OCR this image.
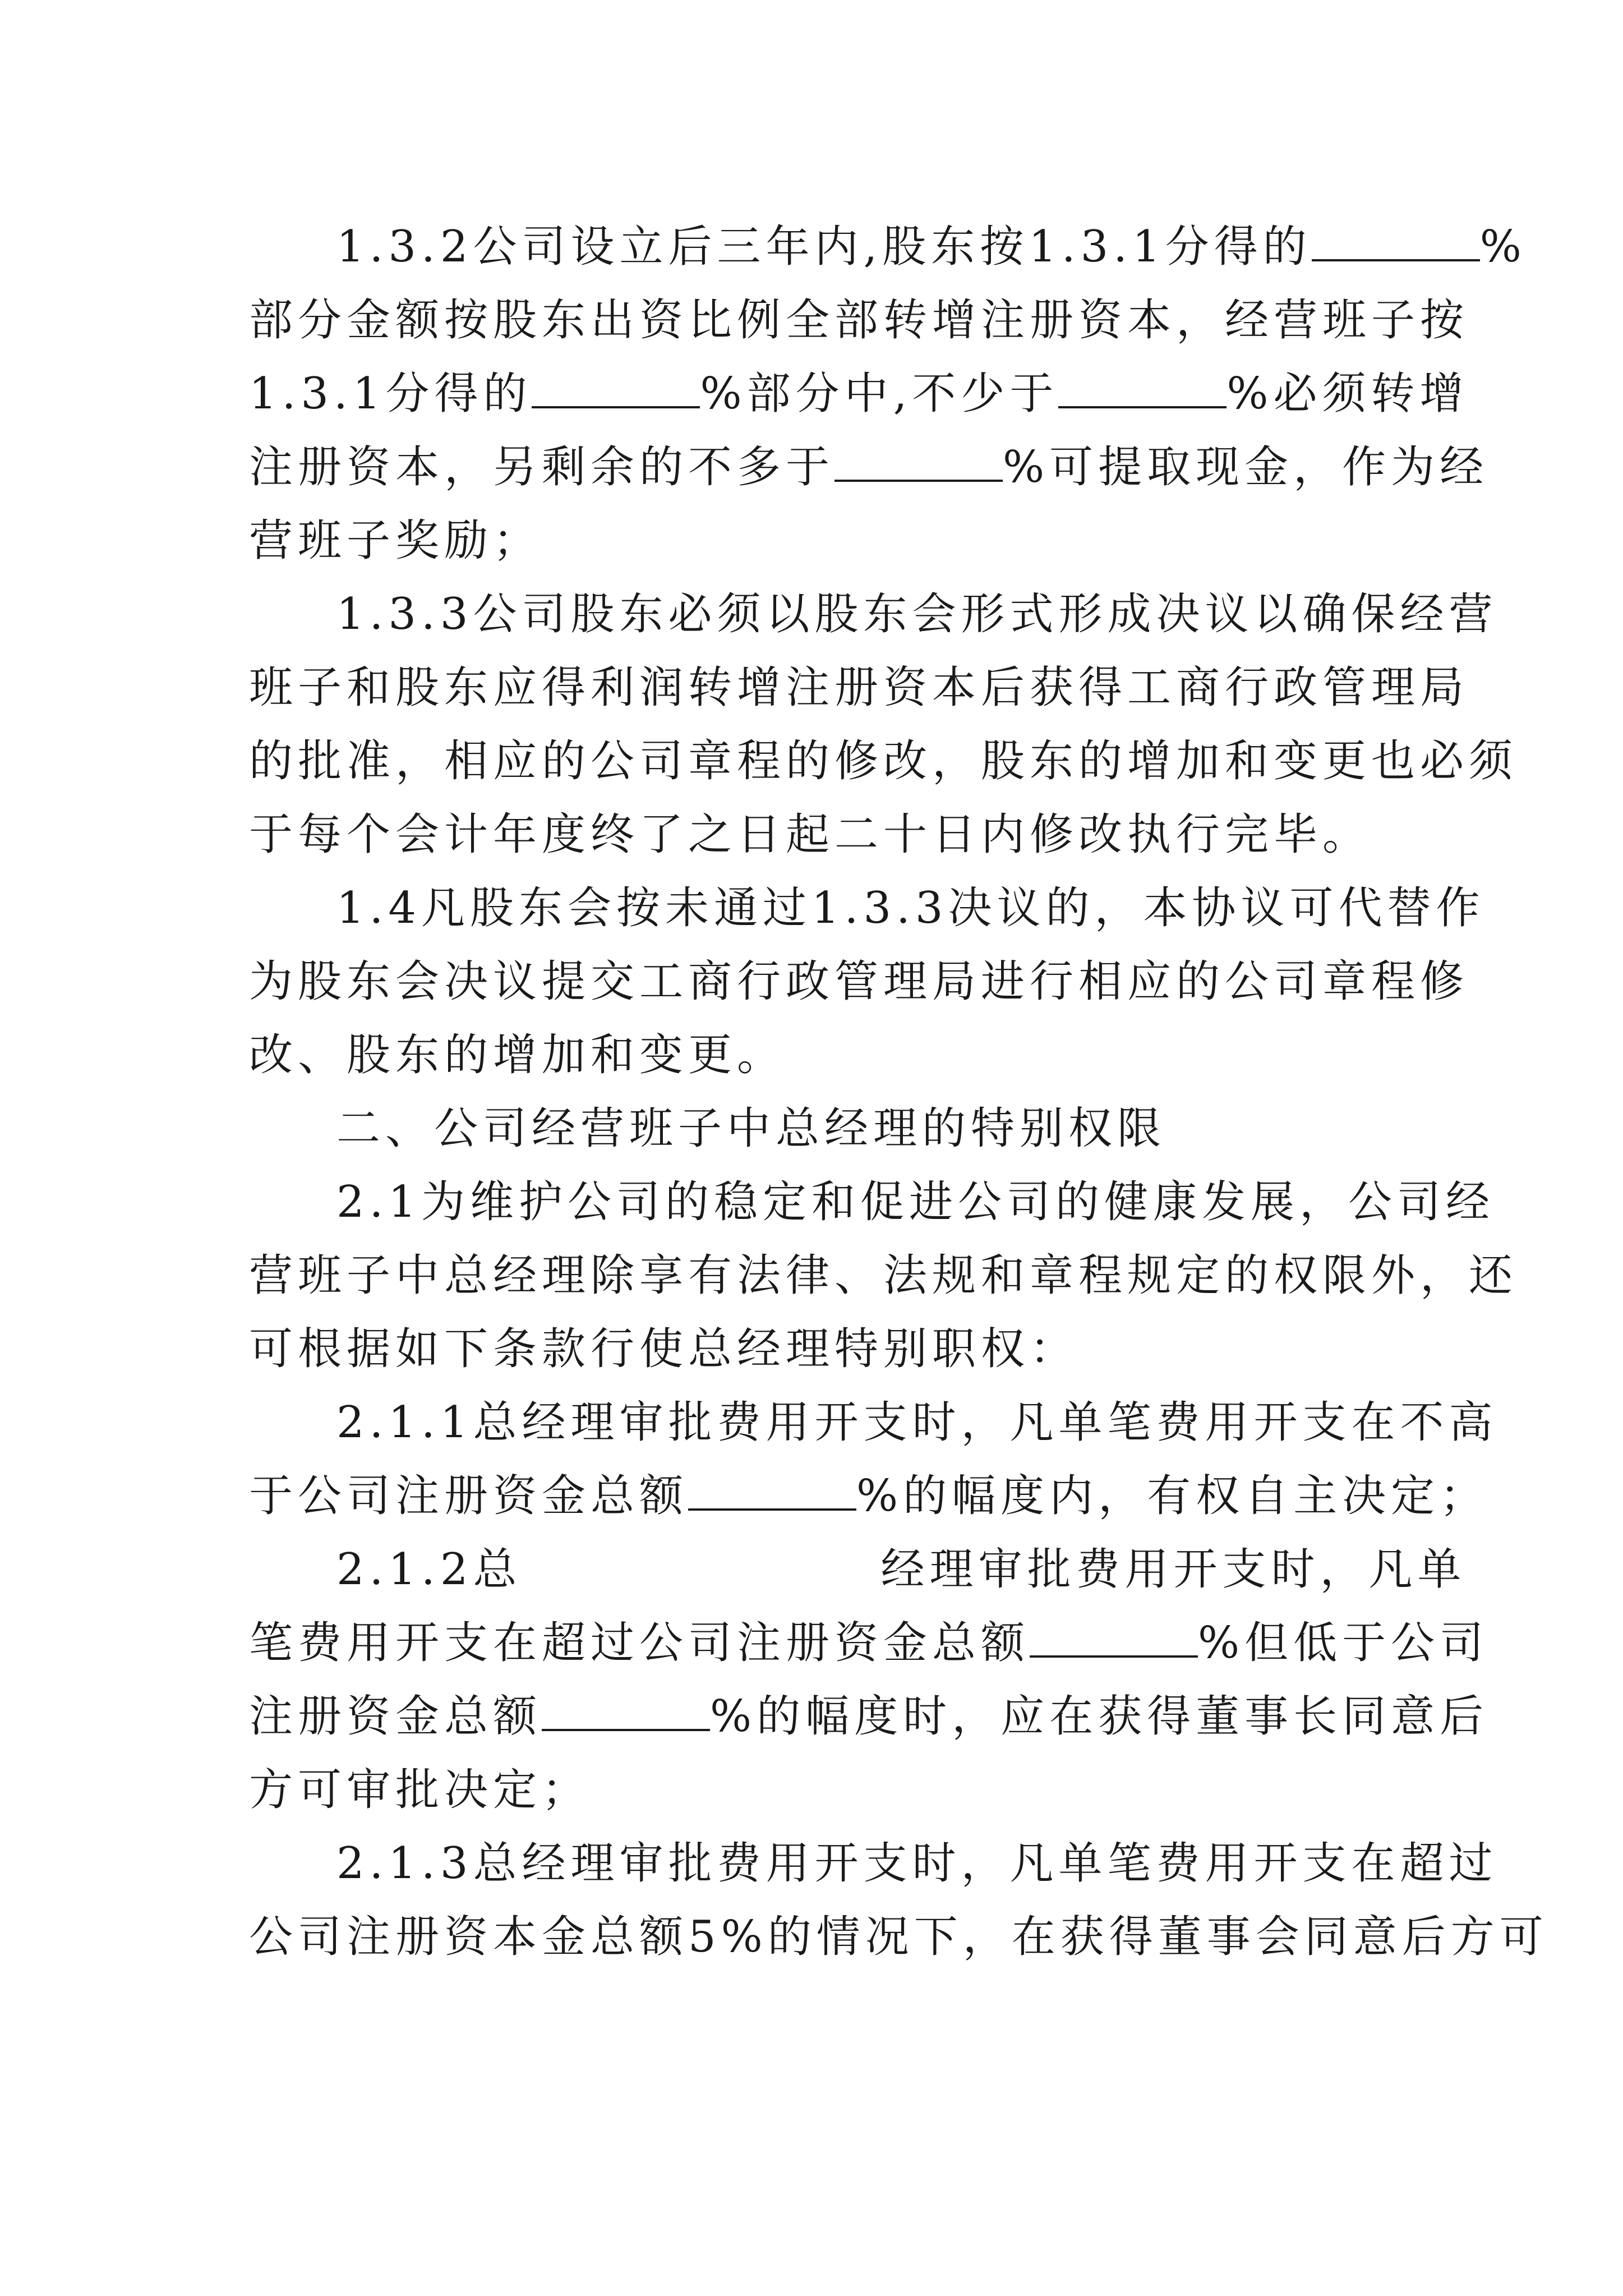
1.3.2公司设立后三年内,股东按1.3.1分得的	%
部分金额按股东出资比例全部转增注册资本，经营班子按
1.3.1分得的	%部分中,不少于	%必须转增
注册资本，另剩余的不多于	%可提取现金，作为经
营班子奖励；
1.3.3公司股东必须以股东会形式形成决议以确保经营
班子和股东应得利润转增注册资本后获得工商行政管理局
的批准，相应的公司章程的修改，股东的增加和变更也必须
于每个会计年度终了之日起二十日内修改执行完毕。
1.4凡股东会按未通过1.3.3决议的，本协议可代替作
为股东会决议提交工商行政管理局进行相应的公司章程修
改、股东的增加和变更。
二、公司经营班子中总经理的特别权限
2.1为维护公司的稳定和促进公司的健康发展，公司经
营班子中总经理除享有法律、法规和章程规定的权限外，还
可根据如下条款行使总经理特别职权：
2.1.1总经理审批费用开支时，凡单笔费用开支在不高
于公司注册资金总额	%的幅度内，有权自主决定；
2.1.2总	经理审批费用开支时，凡单
笔费用开支在超过公司注册资金总额	%但低于公司
注册资金总额	%的幅度时，应在获得董事长同意后
方可审批决定；
2.1.3总经理审批费用开支时，凡单笔费用开支在超过
公司注册资本金总额5%的情况下，在获得董事会同意后方可
